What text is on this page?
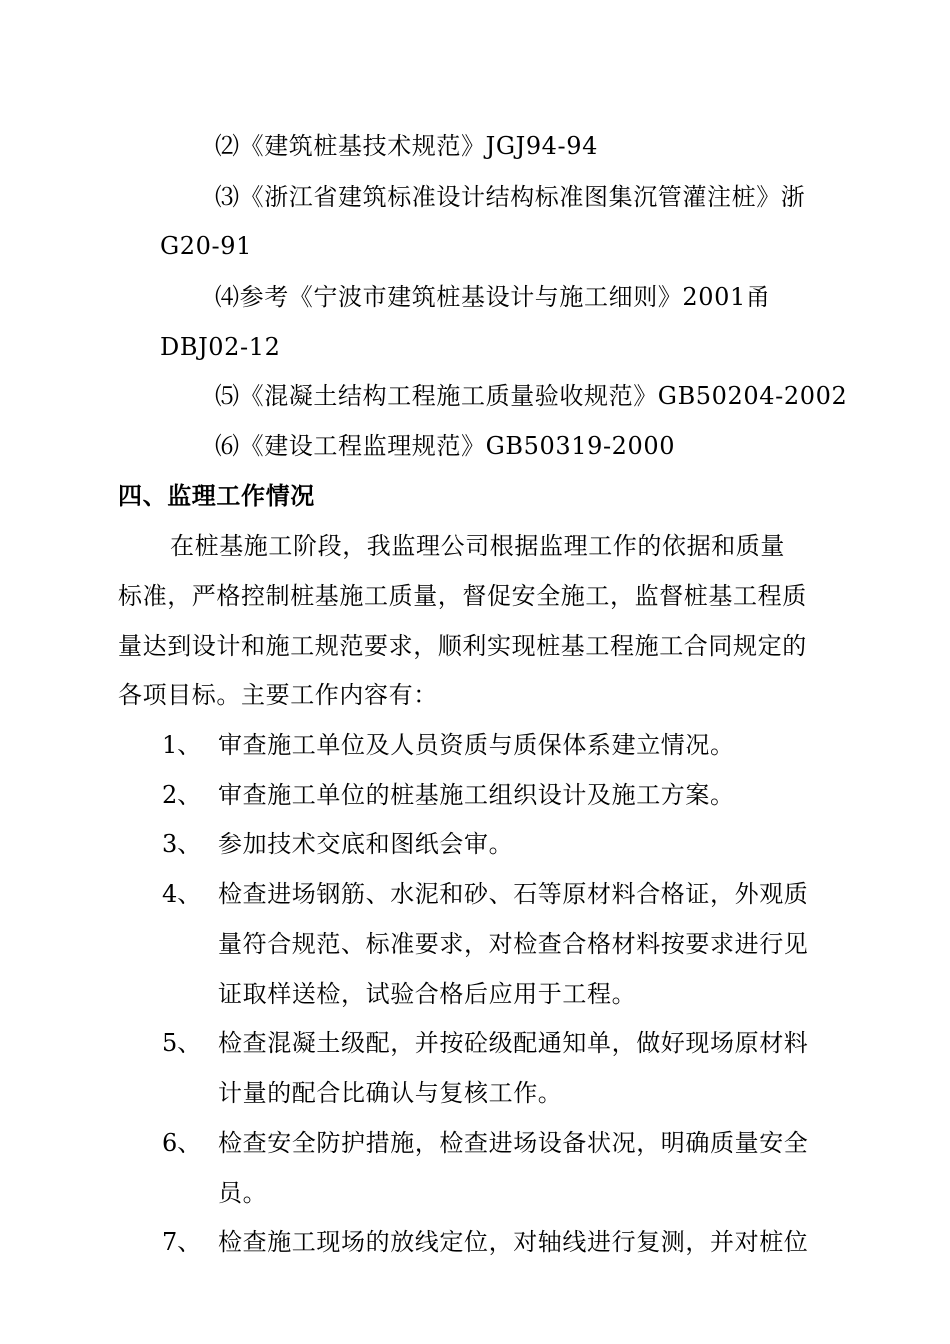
⑵《建筑桩基技术规范》JGJ94-94
⑶《浙江省建筑标准设计结构标准图集沉管灌注桩》浙
G20-91
⑷参考《宁波市建筑桩基设计与施工细则》2001甬
DBJ02-12
⑸《混凝土结构工程施工质量验收规范》GB50204-2002
⑹《建设工程监理规范》GB50319-2000
四、监理工作情况
在桩基施工阶段，我监理公司根据监理工作的依据和质量
标准，严格控制桩基施工质量，督促安全施工，监督桩基工程质
量达到设计和施工规范要求，顺利实现桩基工程施工合同规定的
各项目标。主要工作内容有：
1、 审查施工单位及人员资质与质保体系建立情况。
2、 审查施工单位的桩基施工组织设计及施工方案。
3、 参加技术交底和图纸会审。
4、 检查进场钢筋、水泥和砂、石等原材料合格证，外观质
量符合规范、标准要求，对检查合格材料按要求进行见
证取样送检，试验合格后应用于工程。
5、 检查混凝土级配，并按砼级配通知单，做好现场原材料
计量的配合比确认与复核工作。
6、 检查安全防护措施，检查进场设备状况，明确质量安全
员。
7、 检查施工现场的放线定位，对轴线进行复测，并对桩位
